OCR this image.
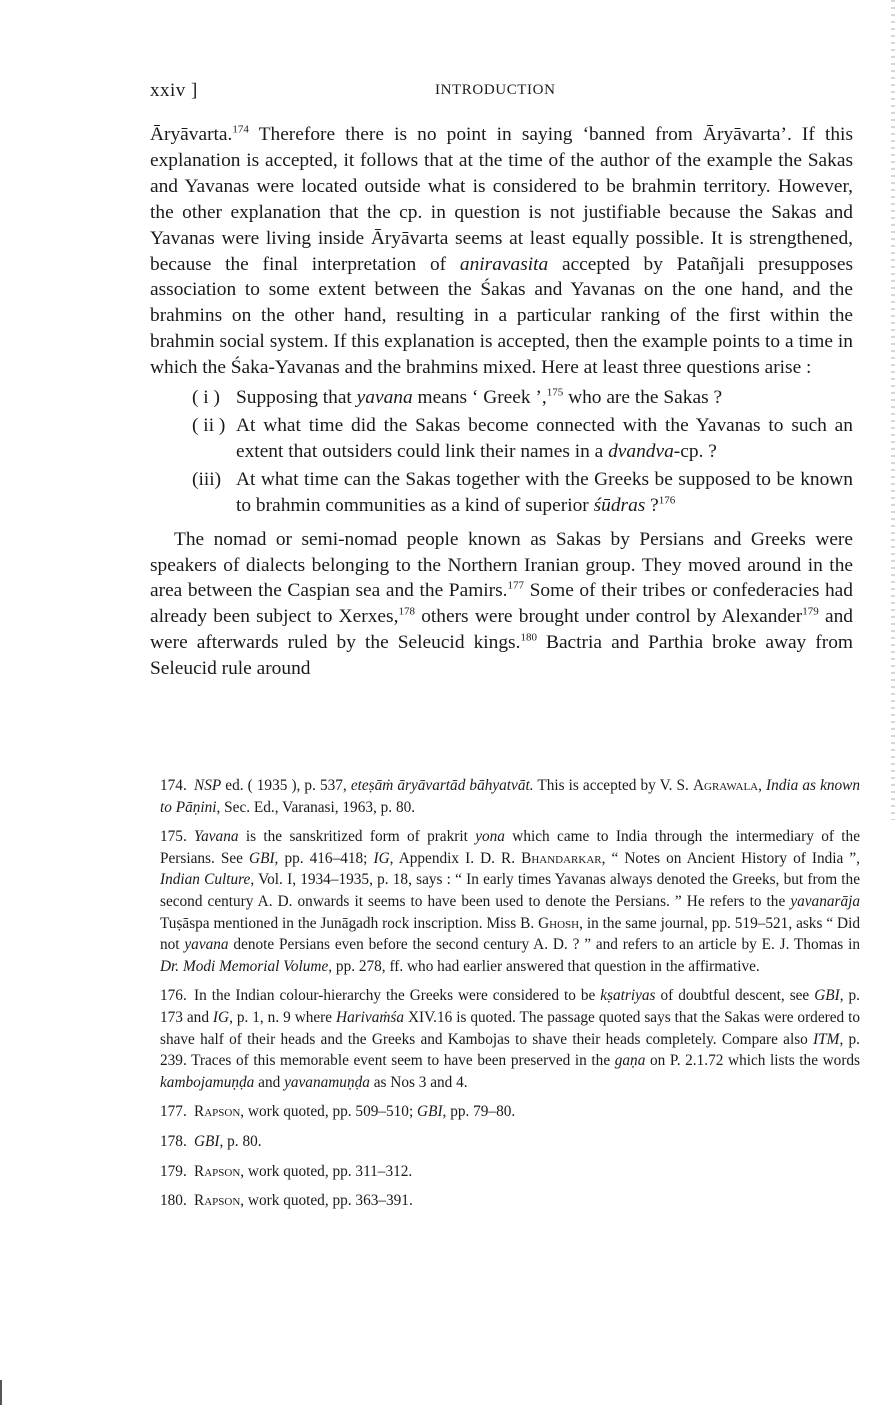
xxiv ]	INTRODUCTION

Āryāvarta.$^{174}$ Therefore there is no point in saying ‘banned from Āryāvarta’. If this explanation is accepted, it follows that at the time of the author of the example the Sakas and Yavanas were located outside what is considered to be brahmin territory. However, the other explanation that the cp. in question is not justifiable because the Sakas and Yavanas were living inside Āryāvarta seems at least equally possible. It is strengthened, because the final interpretation of aniravasita accepted by Patañjali presupposes association to some extent between the Śakas and Yavanas on the one hand, and the brahmins on the other hand, resulting in a particular ranking of the first within the brahmin social system. If this explanation is accepted, then the example points to a time in which the Śaka-Yavanas and the brahmins mixed. Here at least three questions arise :

( i ) Supposing that yavana means ‘ Greek ’,$^{175}$ who are the Sakas ?
( ii ) At what time did the Sakas become connected with the Yavanas to such an extent that outsiders could link their names in a dvandva-cp. ?
(iii) At what time can the Sakas together with the Greeks be supposed to be known to brahmin communities as a kind of superior śūdras ?$^{176}$

The nomad or semi-nomad people known as Sakas by Persians and Greeks were speakers of dialects belonging to the Northern Iranian group. They moved around in the area between the Caspian sea and the Pamirs.$^{177}$ Some of their tribes or confederacies had already been subject to Xerxes,$^{178}$ others were brought under control by Alexander$^{179}$ and were afterwards ruled by the Seleucid kings.$^{180}$ Bactria and Parthia broke away from Seleucid rule around

174. NSP ed. ( 1935 ), p. 537, eteṣāṁ āryāvartād bāhyatvāt. This is accepted by V. S. Agrawala, India as known to Pāṇini, Sec. Ed., Varanasi, 1963, p. 80.

175. Yavana is the sanskritized form of prakrit yona which came to India through the intermediary of the Persians. See GBI, pp. 416–418; IG, Appendix I. D. R. Bhandarkar, “ Notes on Ancient History of India ”, Indian Culture, Vol. I, 1934–1935, p. 18, says : “ In early times Yavanas always denoted the Greeks, but from the second century A. D. onwards it seems to have been used to denote the Persians. ” He refers to the yavanarāja Tuṣāspa mentioned in the Junāgadh rock inscription. Miss B. Ghosh, in the same journal, pp. 519–521, asks “ Did not yavana denote Persians even before the second century A. D. ? ” and refers to an article by E. J. Thomas in Dr. Modi Memorial Volume, pp. 278, ff. who had earlier answered that question in the affirmative.

176. In the Indian colour-hierarchy the Greeks were considered to be kṣatriyas of doubtful descent, see GBI, p. 173 and IG, p. 1, n. 9 where Harivaṁśa XIV.16 is quoted. The passage quoted says that the Sakas were ordered to shave half of their heads and the Greeks and Kambojas to shave their heads completely. Compare also ITM, p. 239. Traces of this memorable event seem to have been preserved in the gaṇa on P. 2.1.72 which lists the words kambojamuṇḍa and yavanamuṇḍa as Nos 3 and 4.

177. Rapson, work quoted, pp. 509–510; GBI, pp. 79–80.

178. GBI, p. 80.

179. Rapson, work quoted, pp. 311–312.

180. Rapson, work quoted, pp. 363–391.
